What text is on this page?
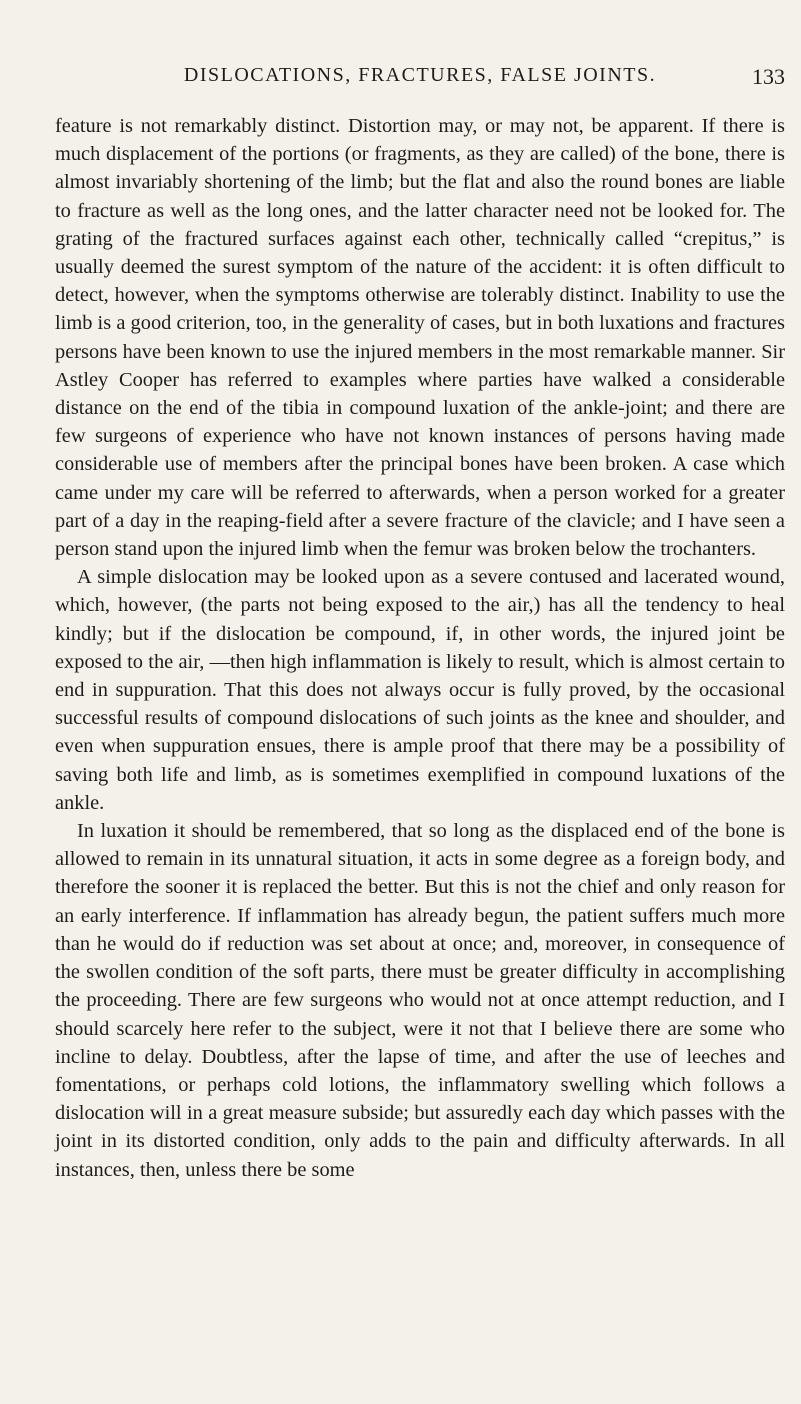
DISLOCATIONS, FRACTURES, FALSE JOINTS.	133

feature is not remarkably distinct. Distortion may, or may not, be apparent. If there is much displacement of the portions (or fragments, as they are called) of the bone, there is almost invariably shortening of the limb; but the flat and also the round bones are liable to fracture as well as the long ones, and the latter character need not be looked for. The grating of the fractured surfaces against each other, technically called “crepitus,” is usually deemed the surest symptom of the nature of the accident: it is often difficult to detect, however, when the symptoms otherwise are tolerably distinct. Inability to use the limb is a good criterion, too, in the generality of cases, but in both luxations and fractures persons have been known to use the injured members in the most remarkable manner. Sir Astley Cooper has referred to examples where parties have walked a considerable distance on the end of the tibia in compound luxation of the ankle-joint; and there are few surgeons of experience who have not known instances of persons having made considerable use of members after the principal bones have been broken. A case which came under my care will be referred to afterwards, when a person worked for a greater part of a day in the reaping-field after a severe fracture of the clavicle; and I have seen a person stand upon the injured limb when the femur was broken below the trochanters.

A simple dislocation may be looked upon as a severe contused and lacerated wound, which, however, (the parts not being exposed to the air,) has all the tendency to heal kindly; but if the dislocation be compound, if, in other words, the injured joint be exposed to the air, —then high inflammation is likely to result, which is almost certain to end in suppuration. That this does not always occur is fully proved, by the occasional successful results of compound dislocations of such joints as the knee and shoulder, and even when suppuration ensues, there is ample proof that there may be a possibility of saving both life and limb, as is sometimes exemplified in compound luxations of the ankle.

In luxation it should be remembered, that so long as the displaced end of the bone is allowed to remain in its unnatural situation, it acts in some degree as a foreign body, and therefore the sooner it is replaced the better. But this is not the chief and only reason for an early interference. If inflammation has already begun, the patient suffers much more than he would do if reduction was set about at once; and, moreover, in consequence of the swollen condition of the soft parts, there must be greater difficulty in accomplishing the proceeding. There are few surgeons who would not at once attempt reduction, and I should scarcely here refer to the subject, were it not that I believe there are some who incline to delay. Doubtless, after the lapse of time, and after the use of leeches and fomentations, or perhaps cold lotions, the inflammatory swelling which follows a dislocation will in a great measure subside; but assuredly each day which passes with the joint in its distorted condition, only adds to the pain and difficulty afterwards. In all instances, then, unless there be some
